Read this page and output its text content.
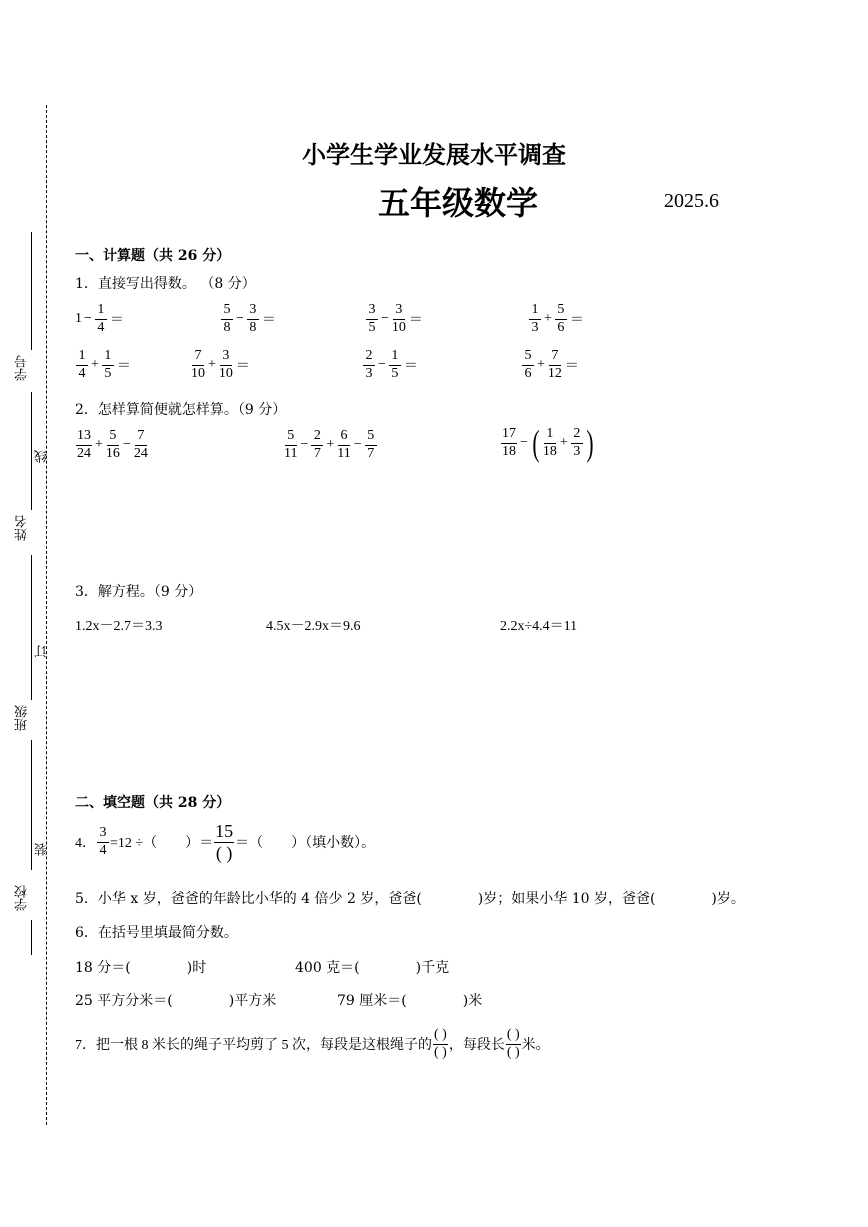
学号
线
姓名
订
班级
装
学校
小学生学业发展水平调查
五年级数学	2025.6
一、计算题（共 26 分）
1．直接写出得数。 （8 分）
$1 - \frac{1}{4}$ ＝	$\frac{5}{8} - \frac{3}{8}$ ＝	$\frac{3}{5} - \frac{3}{10}$ ＝	$\frac{1}{3} + \frac{5}{6}$ ＝
$\frac{1}{4} + \frac{1}{5}$ ＝	$\frac{7}{10} + \frac{3}{10}$ ＝	$\frac{2}{3} - \frac{1}{5}$ ＝	$\frac{5}{6} + \frac{7}{12}$ ＝
2．怎样算简便就怎样算。（9 分）
$\frac{13}{24} + \frac{5}{16} - \frac{7}{24}$	$\frac{5}{11} - \frac{2}{7} + \frac{6}{11} - \frac{5}{7}$	$\frac{17}{18}$ − ( $\frac{1}{18} + \frac{2}{3}$ )
3．解方程。（9 分）
1.2x－2.7＝3.3	4.5x－2.9x＝9.6	2.2x÷4.4＝11
二、填空题（共 28 分）
4． $\frac{3}{4} =12$ ÷（　　）＝ $\frac{15}{( )}$ ＝（　　）（填小数）。
5．小华 x 岁，爸爸的年龄比小华的 4 倍少 2 岁，爸爸(　　　　)岁；如果小华 10 岁，爸爸(　　　　)岁。
6．在括号里填最简分数。
18 分＝(　　　　)时	400 克＝(　　　　)千克
25 平方分米＝(　　　　)平方米	79 厘米＝(　　　　)米
7．把一根 8 米长的绳子平均剪了 5 次，每段是这根绳子的 $\frac{( )}{( )}$ ，每段长 $\frac{( )}{( )}$ 米。
